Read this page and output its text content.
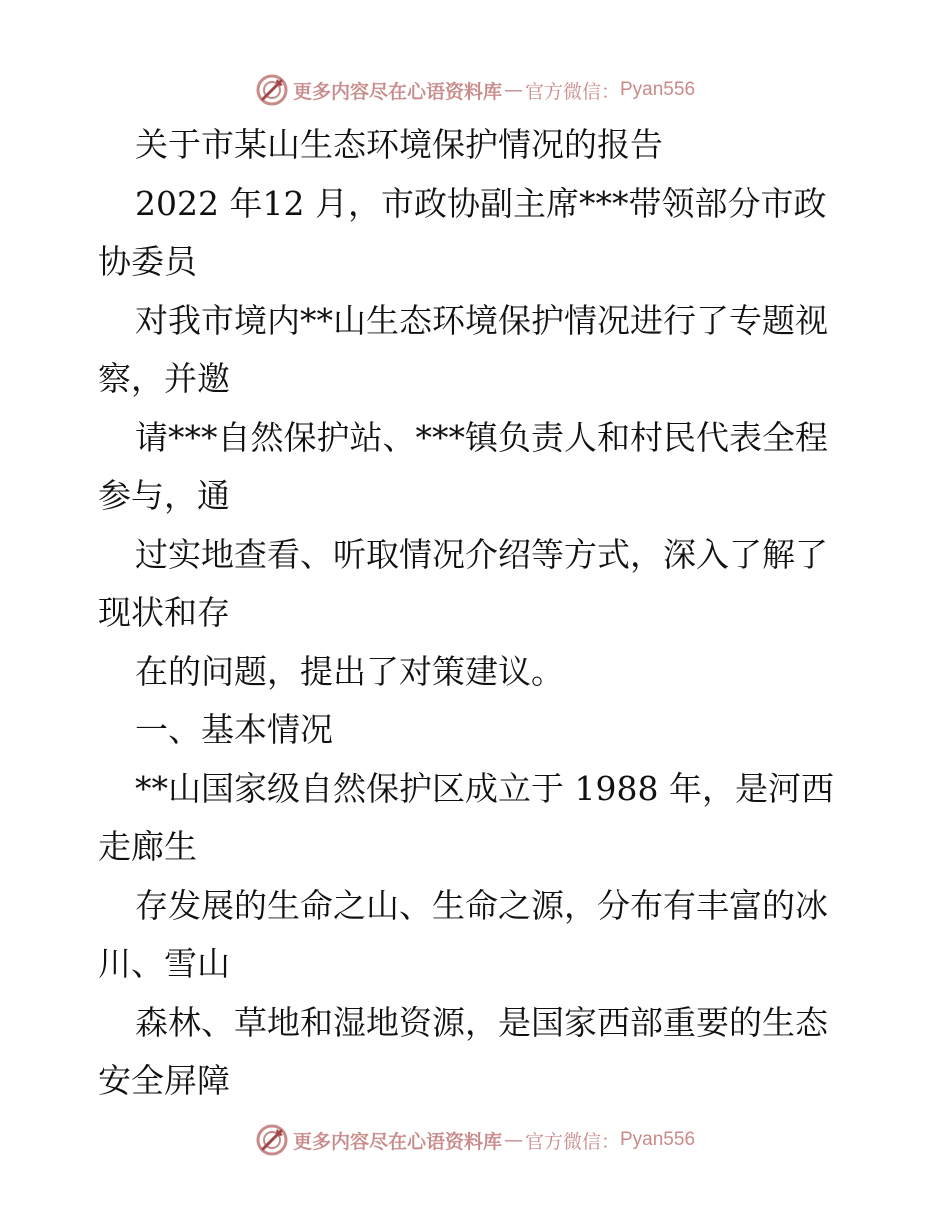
更多内容尽在心语资料库 — 官方微信： Pyan556
关于市某山生态环境保护情况的报告
2022 年12 月，市政协副主席***带领部分市政
协委员
对我市境内**山生态环境保护情况进行了专题视
察，并邀
请***自然保护站、***镇负责人和村民代表全程
参与，通
过实地查看、听取情况介绍等方式，深入了解了
现状和存
在的问题，提出了对策建议。
一、基本情况
**山国家级自然保护区成立于 1988 年，是河西
走廊生
存发展的生命之山、生命之源，分布有丰富的冰
川、雪山
森林、草地和湿地资源，是国家西部重要的生态
安全屏障
更多内容尽在心语资料库 — 官方微信： Pyan556
